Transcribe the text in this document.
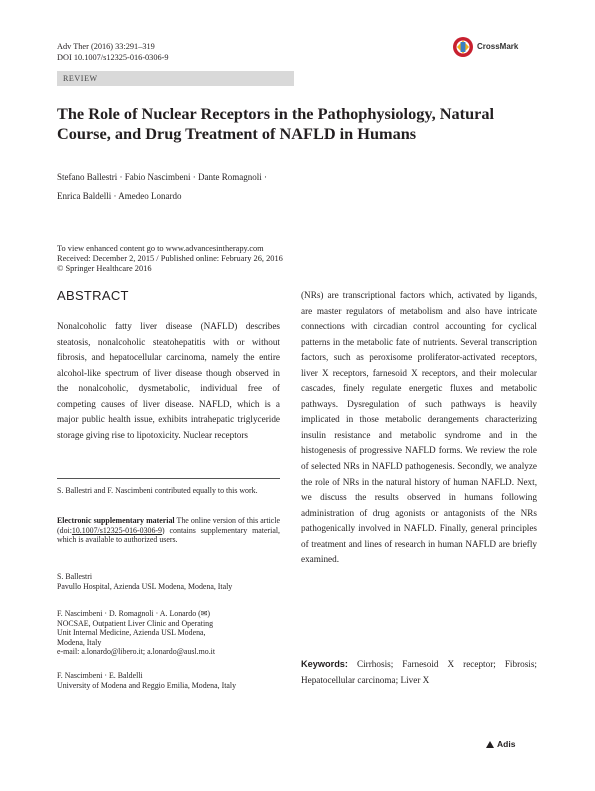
Adv Ther (2016) 33:291–319
DOI 10.1007/s12325-016-0306-9
CrossMark
REVIEW
The Role of Nuclear Receptors in the Pathophysiology, Natural Course, and Drug Treatment of NAFLD in Humans
Stefano Ballestri · Fabio Nascimbeni · Dante Romagnoli ·
Enrica Baldelli · Amedeo Lonardo
To view enhanced content go to www.advancesintherapy.com
Received: December 2, 2015 / Published online: February 26, 2016
© Springer Healthcare 2016
ABSTRACT
Nonalcoholic fatty liver disease (NAFLD) describes steatosis, nonalcoholic steatohepatitis with or without fibrosis, and hepatocellular carcinoma, namely the entire alcohol-like spectrum of liver disease though observed in the nonalcoholic, dysmetabolic, individual free of competing causes of liver disease. NAFLD, which is a major public health issue, exhibits intrahepatic triglyceride storage giving rise to lipotoxicity. Nuclear receptors
S. Ballestri and F. Nascimbeni contributed equally to this work.
Electronic supplementary material The online version of this article (doi:10.1007/s12325-016-0306-9) contains supplementary material, which is available to authorized users.
S. Ballestri
Pavullo Hospital, Azienda USL Modena, Modena, Italy
F. Nascimbeni · D. Romagnoli · A. Lonardo (✉)
NOCSAE, Outpatient Liver Clinic and Operating
Unit Internal Medicine, Azienda USL Modena,
Modena, Italy
e-mail: a.lonardo@libero.it; a.lonardo@ausl.mo.it
F. Nascimbeni · E. Baldelli
University of Modena and Reggio Emilia, Modena, Italy
(NRs) are transcriptional factors which, activated by ligands, are master regulators of metabolism and also have intricate connections with circadian control accounting for cyclical patterns in the metabolic fate of nutrients. Several transcription factors, such as peroxisome proliferator-activated receptors, liver X receptors, farnesoid X receptors, and their molecular cascades, finely regulate energetic fluxes and metabolic pathways. Dysregulation of such pathways is heavily implicated in those metabolic derangements characterizing insulin resistance and metabolic syndrome and in the histogenesis of progressive NAFLD forms. We review the role of selected NRs in NAFLD pathogenesis. Secondly, we analyze the role of NRs in the natural history of human NAFLD. Next, we discuss the results observed in humans following administration of drug agonists or antagonists of the NRs pathogenically involved in NAFLD. Finally, general principles of treatment and lines of research in human NAFLD are briefly examined.
Keywords: Cirrhosis; Farnesoid X receptor; Fibrosis; Hepatocellular carcinoma; Liver X
Adis
